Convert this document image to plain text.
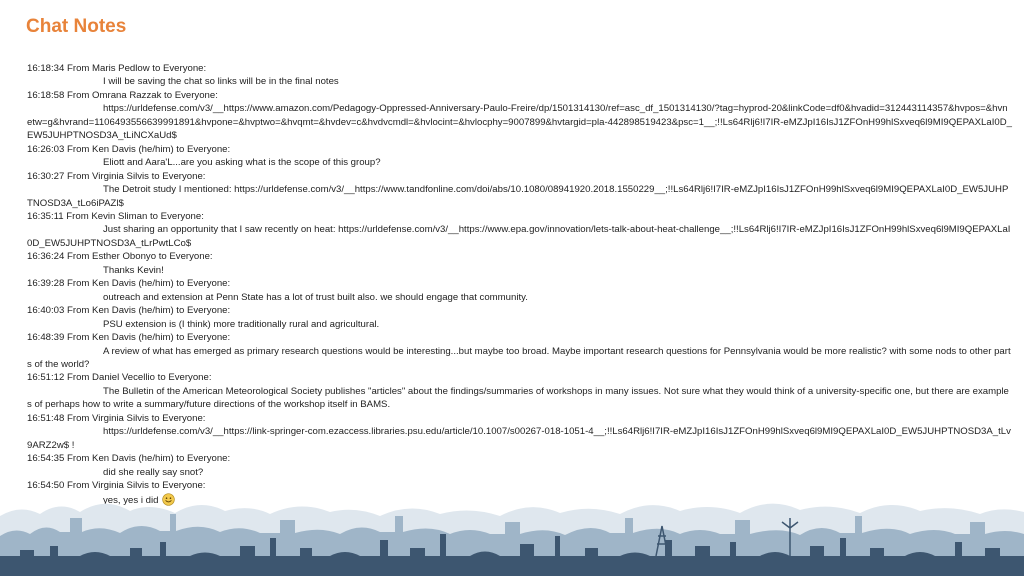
Chat Notes
16:18:34 From Maris Pedlow to Everyone:
I will be saving the chat so links will be in the final notes
16:18:58 From Omrana Razzak to Everyone:
https://urldefense.com/v3/__https://www.amazon.com/Pedagogy-Oppressed-Anniversary-Paulo-Freire/dp/1501314130/ref=asc_df_1501314130/?tag=hyprod-20&linkCode=df0&hvadid=312443114357&hvpos=&hvnetw=g&hvrand=1106493556639991891&hvpone=&hvptwo=&hvqmt=&hvdev=c&hvdvcmdl=&hvlocint=&hvlocphy=9007899&hvtargid=pla-442898519423&psc=1__;!!Ls64Rlj6!I7IR-eMZJpI16IsJ1ZFOnH99hlSxveq6l9MI9QEPAXLaI0D_EW5JUHPTNOSD3A_tLiNCXaUd$
16:26:03 From Ken Davis (he/him) to Everyone:
Eliott and Aara'L...are you asking what is the scope of this group?
16:30:27 From Virginia Silvis to Everyone:
The Detroit study I mentioned: https://urldefense.com/v3/__https://www.tandfonline.com/doi/abs/10.1080/08941920.2018.1550229__;!!Ls64Rlj6!I7IR-eMZJpI16IsJ1ZFOnH99hlSxveq6l9MI9QEPAXLaI0D_EW5JUHPTNOSD3A_tLo6iPAZl$
16:35:11 From Kevin Sliman to Everyone:
Just sharing an opportunity that I saw recently on heat: https://urldefense.com/v3/__https://www.epa.gov/innovation/lets-talk-about-heat-challenge__;!!Ls64Rlj6!I7IR-eMZJpI16IsJ1ZFOnH99hlSxveq6l9MI9QEPAXLaI0D_EW5JUHPTNOSD3A_tLrPwtLCo$
16:36:24 From Esther Obonyo to Everyone:
Thanks Kevin!
16:39:28 From Ken Davis (he/him) to Everyone:
outreach and extension at Penn State has a lot of trust built also. we should engage that community.
16:40:03 From Ken Davis (he/him) to Everyone:
PSU extension is (I think) more traditionally rural and agricultural.
16:48:39 From Ken Davis (he/him) to Everyone:
A review of what has emerged as primary research questions would be interesting...but maybe too broad. Maybe important research questions for Pennsylvania would be more realistic? with some nods to other parts of the world?
16:51:12 From Daniel Vecellio to Everyone:
The Bulletin of the American Meteorological Society publishes "articles" about the findings/summaries of workshops in many issues. Not sure what they would think of a university-specific one, but there are examples of perhaps how to write a summary/future directions of the workshop itself in BAMS.
16:51:48 From Virginia Silvis to Everyone:
https://urldefense.com/v3/__https://link-springer-com.ezaccess.libraries.psu.edu/article/10.1007/s00267-018-1051-4__;!!Ls64Rlj6!I7IR-eMZJpI16IsJ1ZFOnH99hlSxveq6l9MI9QEPAXLaI0D_EW5JUHPTNOSD3A_tLv9ARZ2w$ !
16:54:35 From Ken Davis (he/him) to Everyone:
did she really say snot?
16:54:50 From Virginia Silvis to Everyone:
yes, yes i did
